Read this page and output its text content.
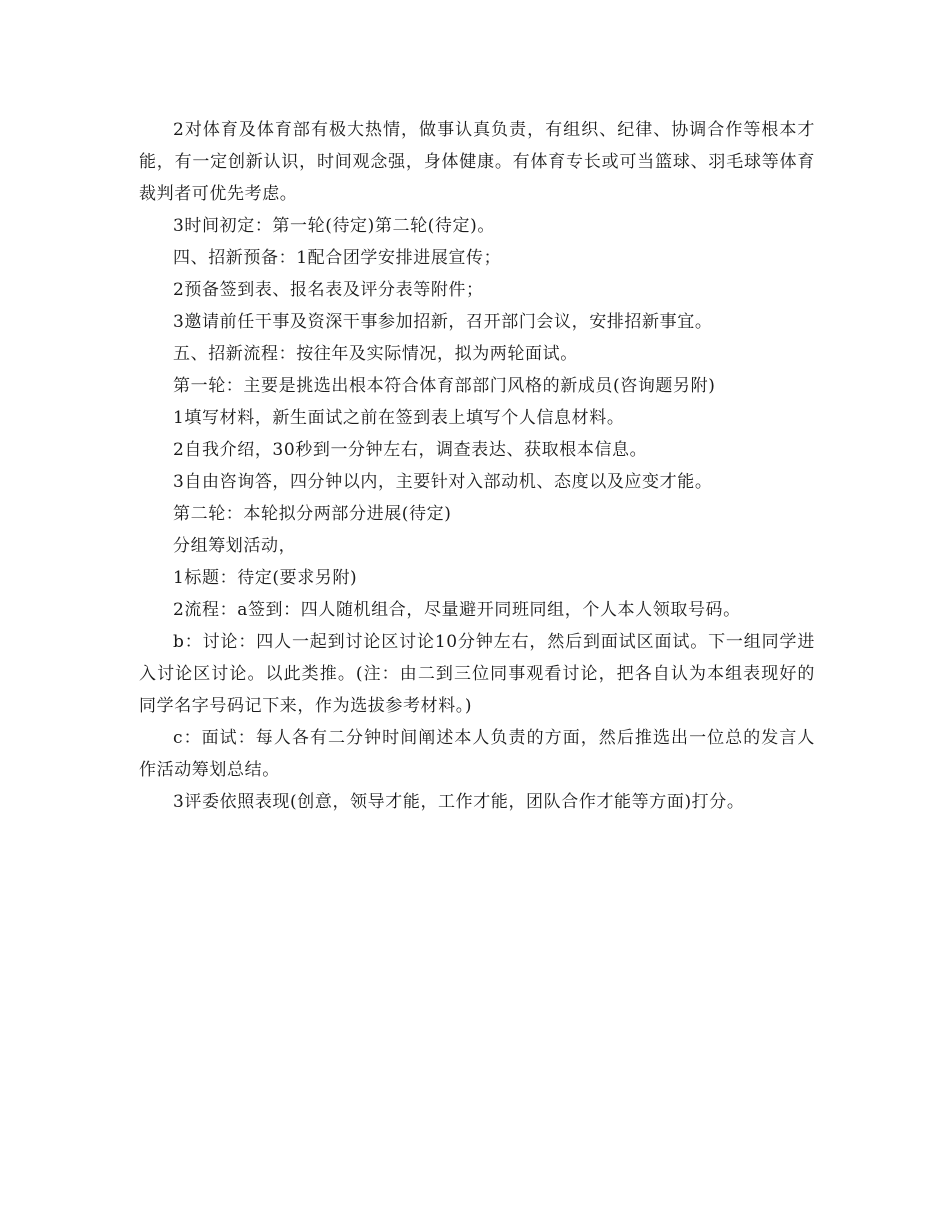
2对体育及体育部有极大热情，做事认真负责，有组织、纪律、协调合作等根本才能，有一定创新认识，时间观念强，身体健康。有体育专长或可当篮球、羽毛球等体育裁判者可优先考虑。

3时间初定：第一轮(待定)第二轮(待定)。

四、招新预备：1配合团学安排进展宣传；

2预备签到表、报名表及评分表等附件；

3邀请前任干事及资深干事参加招新，召开部门会议，安排招新事宜。

五、招新流程：按往年及实际情况，拟为两轮面试。

第一轮：主要是挑选出根本符合体育部部门风格的新成员(咨询题另附)

1填写材料，新生面试之前在签到表上填写个人信息材料。

2自我介绍，30秒到一分钟左右，调查表达、获取根本信息。

3自由咨询答，四分钟以内，主要针对入部动机、态度以及应变才能。

第二轮：本轮拟分两部分进展(待定)

分组筹划活动，

1标题：待定(要求另附)

2流程：a签到：四人随机组合，尽量避开同班同组，个人本人领取号码。

b：讨论：四人一起到讨论区讨论10分钟左右，然后到面试区面试。下一组同学进入讨论区讨论。以此类推。(注：由二到三位同事观看讨论，把各自认为本组表现好的同学名字号码记下来，作为选拔参考材料。)

c：面试：每人各有二分钟时间阐述本人负责的方面，然后推选出一位总的发言人作活动筹划总结。

3评委依照表现(创意，领导才能，工作才能，团队合作才能等方面)打分。
